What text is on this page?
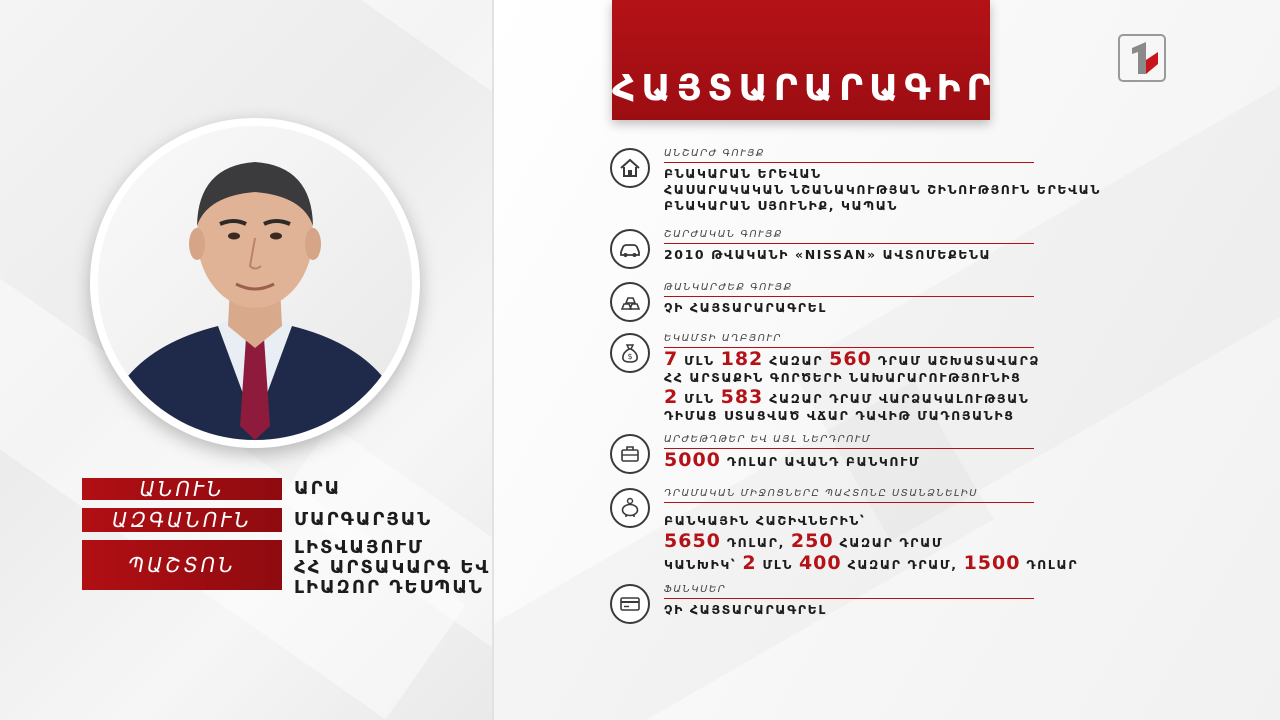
ԱՆՈՒՆ	ԱՐԱ
ԱԶԳԱՆՈՒՆ	ՄԱՐԳԱՐՅԱՆ
ՊԱՇՏՈՆ
ԼԻՏՎԱՅՈՒՄ
ՀՀ ԱՐՏԱԿԱՐԳ ԵՎ
ԼԻԱԶՈՐ ԴԵՍՊԱՆ
ՀԱՅՏԱՐԱՐԱԳԻՐ
ԱՆՇԱՐԺ ԳՈՒՅՔ
ԲՆԱԿԱՐԱՆ ԵՐԵՎԱՆ
ՀԱՍԱՐԱԿԱԿԱՆ ՆՇԱՆԱԿՈՒԹՅԱՆ ՇԻՆՈՒԹՅՈՒՆ ԵՐԵՎԱՆ
ԲՆԱԿԱՐԱՆ ՍՅՈՒՆԻՔ, ԿԱՊԱՆ
ՇԱՐԺԱԿԱՆ ԳՈՒՅՔ
2010 ԹՎԱԿԱՆԻ «NISSAN» ԱՎՏՈՄԵՔԵՆԱ
ԹԱՆԿԱՐԺԵՔ ԳՈՒՅՔ
ՉԻ ՀԱՅՏԱՐԱՐԱԳՐԵԼ
$
ԵԿԱՄՏԻ ԱՂԲՅՈՒՐ
7 ՄԼՆ 182 ՀԱԶԱՐ 560 ԴՐԱՄ ԱՇԽԱՏԱՎԱՐՁ
ՀՀ ԱՐՏԱՔԻՆ ԳՈՐԾԵՐԻ ՆԱԽԱՐԱՐՈՒԹՅՈՒՆԻՑ
2 ՄԼՆ 583 ՀԱԶԱՐ ԴՐԱՄ ՎԱՐՁԱԿԱԼՈՒԹՅԱՆ
ԴԻՄԱՑ ՍՏԱՑՎԱԾ ՎՃԱՐ ԴԱՎԻԹ ՄԱԴՈՅԱՆԻՑ
ԱՐԺԵԹՂԹԵՐ ԵՎ ԱՅԼ ՆԵՐԴՐՈՒՄ
5000 ԴՈԼԱՐ ԱՎԱՆԴ ԲԱՆԿՈՒՄ
ԴՐԱՄԱԿԱՆ ՄԻՋՈՑՆԵՐԸ ՊԱՀՏՈՆԸ ՍՏԱՆՁՆԵԼԻՍ
ԲԱՆԿԱՅԻՆ ՀԱՇԻՎՆԵՐԻՆ՝
5650 ԴՈԼԱՐ, 250 ՀԱԶԱՐ ԴՐԱՄ
ԿԱՆԽԻԿ՝ 2 ՄԼՆ 400 ՀԱԶԱՐ ԴՐԱՄ, 1500 ԴՈԼԱՐ
ՖԱՆԿՍԵՐ
ՉԻ ՀԱՅՏԱՐԱՐԱԳՐԵԼ
